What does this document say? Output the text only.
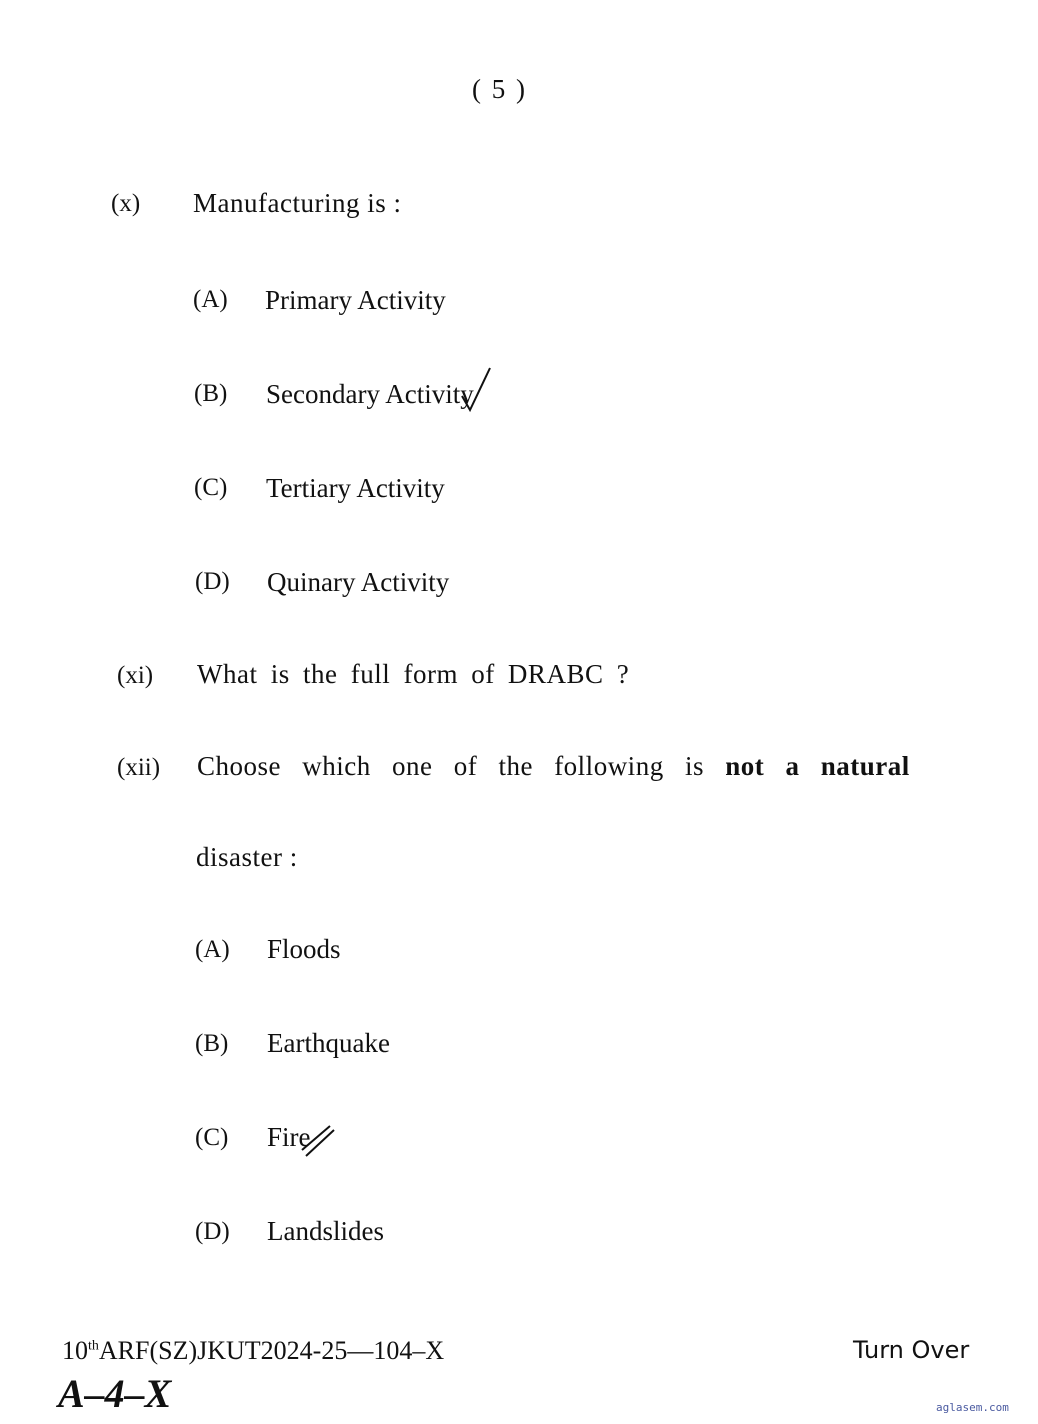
( 5 )
(x) Manufacturing is :
(A) Primary Activity
(B) Secondary Activity
(C) Tertiary Activity
(D) Quinary Activity
(xi) What is the full form of DRABC ?
(xii) Choose which one of the following is not a natural
disaster :
(A) Floods
(B) Earthquake
(C) Fire
(D) Landslides
10thARF(SZ)JKUT2024-25—104–X	Turn Over
A–4–X	aglasem.com
